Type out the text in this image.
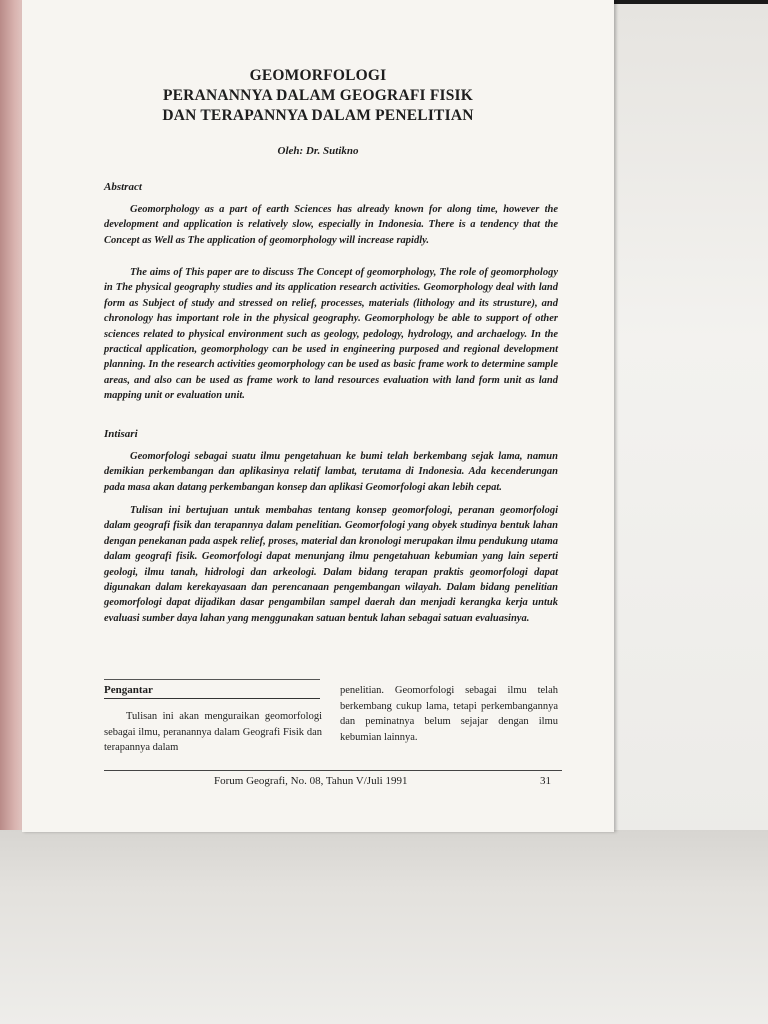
GEOMORFOLOGI
PERANANNYA DALAM GEOGRAFI FISIK
DAN TERAPANNYA DALAM PENELITIAN
Oleh: Dr. Sutikno
Abstract

Geomorphology as a part of earth Sciences has already known for along time, however the development and application is relatively slow, especially in Indonesia. There is a tendency that the Concept as Well as The application of geomorphology will increase rapidly.

The aims of This paper are to discuss The Concept of geomorphology, The role of geomorphology in The physical geography studies and its application research activities. Geomorphology deal with land form as Subject of study and stressed on relief, processes, materials (lithology and its strusture), and chronology has important role in the physical geography. Geomorphology be able to support of other sciences related to physical environment such as geology, pedology, hydrology, and archaelogy. In the practical application, geomorphology can be used in engineering purposed and regional development planning. In the research activities geomorphology can be used as basic frame work to determine sample areas, and also can be used as frame work to land resources evaluation with land form unit as land mapping unit or evaluation unit.

Intisari

Geomorfologi sebagai suatu ilmu pengetahuan ke bumi telah berkembang sejak lama, namun demikian perkembangan dan aplikasinya relatif lambat, terutama di Indonesia. Ada kecenderungan pada masa akan datang perkembangan konsep dan aplikasi Geomorfologi akan lebih cepat.

Tulisan ini bertujuan untuk membahas tentang konsep geomorfologi, peranan geomorfologi dalam geografi fisik dan terapannya dalam penelitian. Geomorfologi yang obyek studinya bentuk lahan dengan penekanan pada aspek relief, proses, material dan kronologi merupakan ilmu pendukung utama dalam geografi fisik. Geomorfologi dapat menunjang ilmu pengetahuan kebumian yang lain seperti geologi, ilmu tanah, hidrologi dan arkeologi. Dalam bidang terapan praktis geomorfologi dapat digunakan dalam kerekayasaan dan perencanaan pengembangan wilayah. Dalam bidang penelitian geomorfologi dapat dijadikan dasar pengambilan sampel daerah dan menjadi kerangka kerja untuk evaluasi sumber daya lahan yang menggunakan satuan bentuk lahan sebagai satuan evaluasinya.

Pengantar

Tulisan ini akan menguraikan geomorfologi sebagai ilmu, peranannya dalam Geografi Fisik dan terapannya dalam

penelitian. Geomorfologi sebagai ilmu telah berkembang cukup lama, tetapi perkembangannya dan peminatnya belum sejajar dengan ilmu kebumian lainnya.

Forum Geografi, No. 08, Tahun V/Juli 1991	31
